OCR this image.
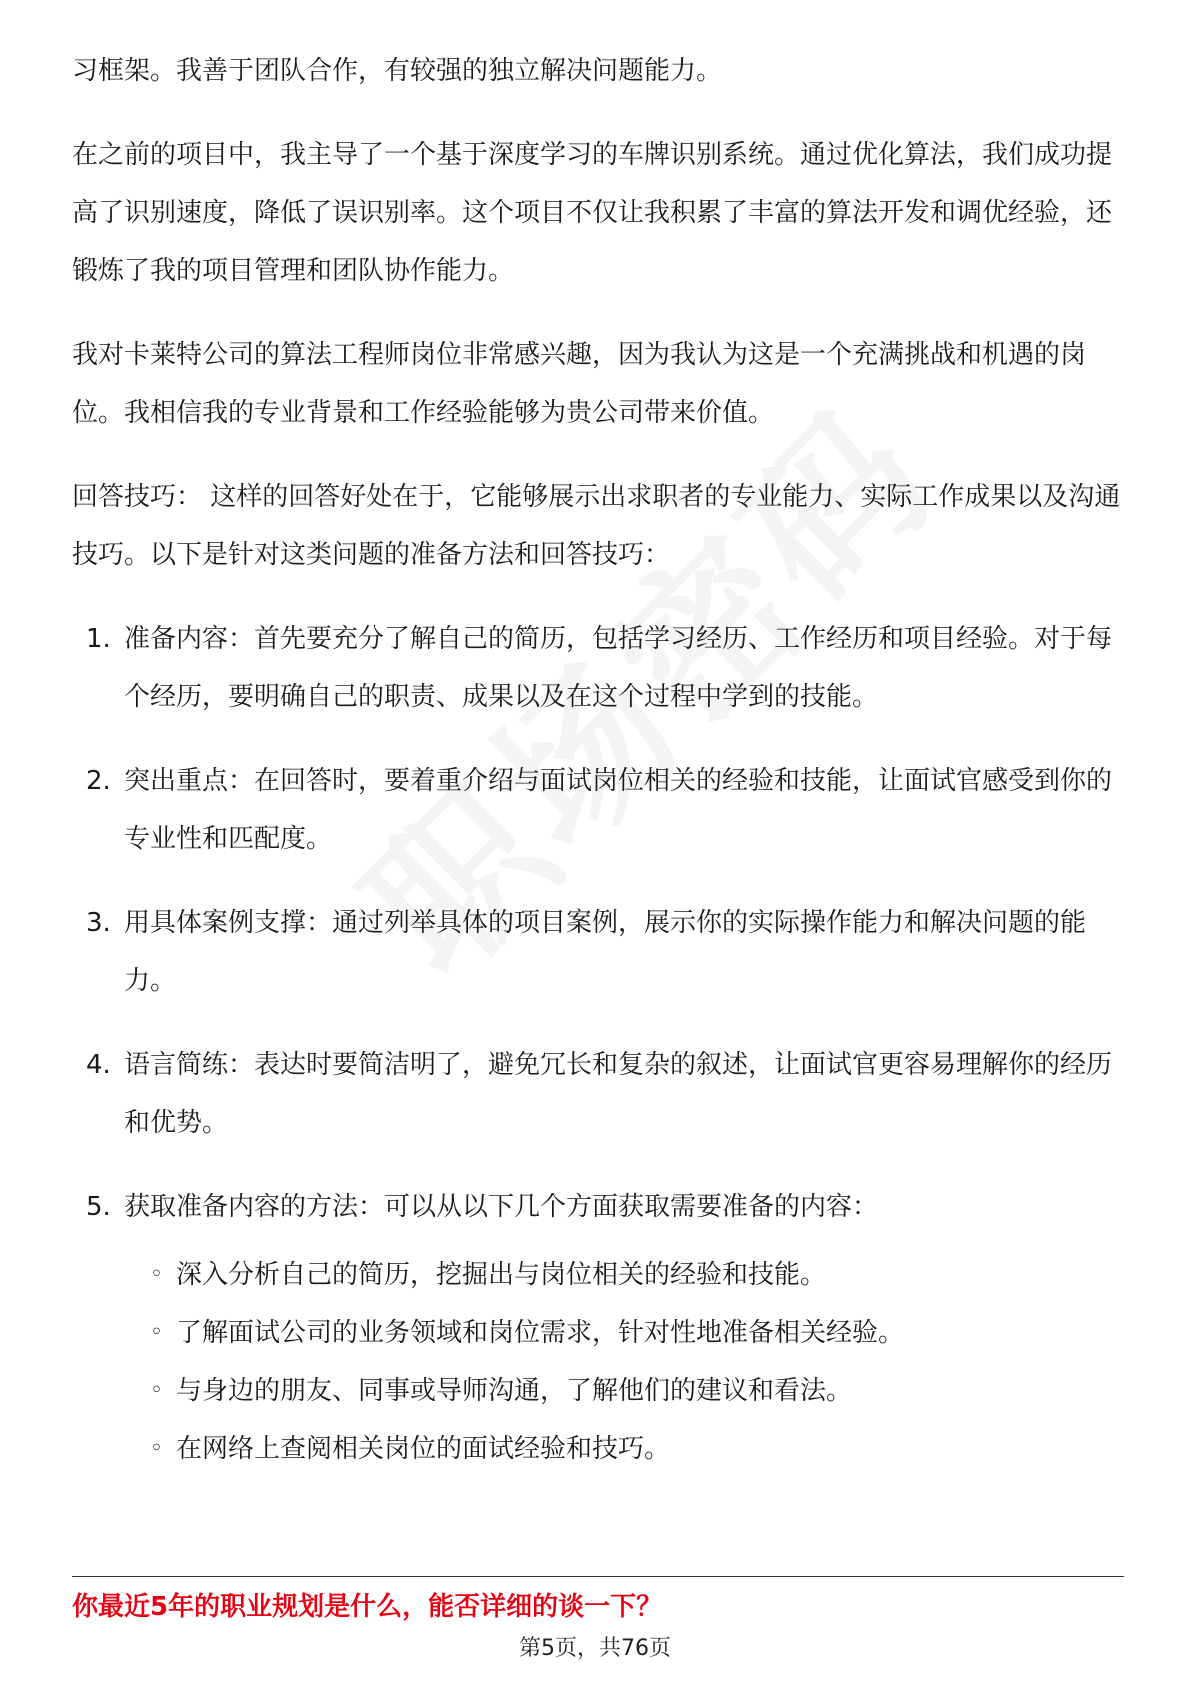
习框架。我善于团队合作，有较强的独立解决问题能力。

在之前的项目中，我主导了一个基于深度学习的车牌识别系统。通过优化算法，我们成功提高了识别速度，降低了误识别率。这个项目不仅让我积累了丰富的算法开发和调优经验，还锻炼了我的项目管理和团队协作能力。

我对卡莱特公司的算法工程师岗位非常感兴趣，因为我认为这是一个充满挑战和机遇的岗位。我相信我的专业背景和工作经验能够为贵公司带来价值。

回答技巧： 这样的回答好处在于，它能够展示出求职者的专业能力、实际工作成果以及沟通技巧。以下是针对这类问题的准备方法和回答技巧：

1. 准备内容：首先要充分了解自己的简历，包括学习经历、工作经历和项目经验。对于每个经历，要明确自己的职责、成果以及在这个过程中学到的技能。
2. 突出重点：在回答时，要着重介绍与面试岗位相关的经验和技能，让面试官感受到你的专业性和匹配度。
3. 用具体案例支撑：通过列举具体的项目案例，展示你的实际操作能力和解决问题的能力。
4. 语言简练：表达时要简洁明了，避免冗长和复杂的叙述，让面试官更容易理解你的经历和优势。
5. 获取准备内容的方法：可以从以下几个方面获取需要准备的内容：
◦ 深入分析自己的简历，挖掘出与岗位相关的经验和技能。
◦ 了解面试公司的业务领域和岗位需求，针对性地准备相关经验。
◦ 与身边的朋友、同事或导师沟通，了解他们的建议和看法。
◦ 在网络上查阅相关岗位的面试经验和技巧。
你最近5年的职业规划是什么，能否详细的谈一下？
第5页，共76页
